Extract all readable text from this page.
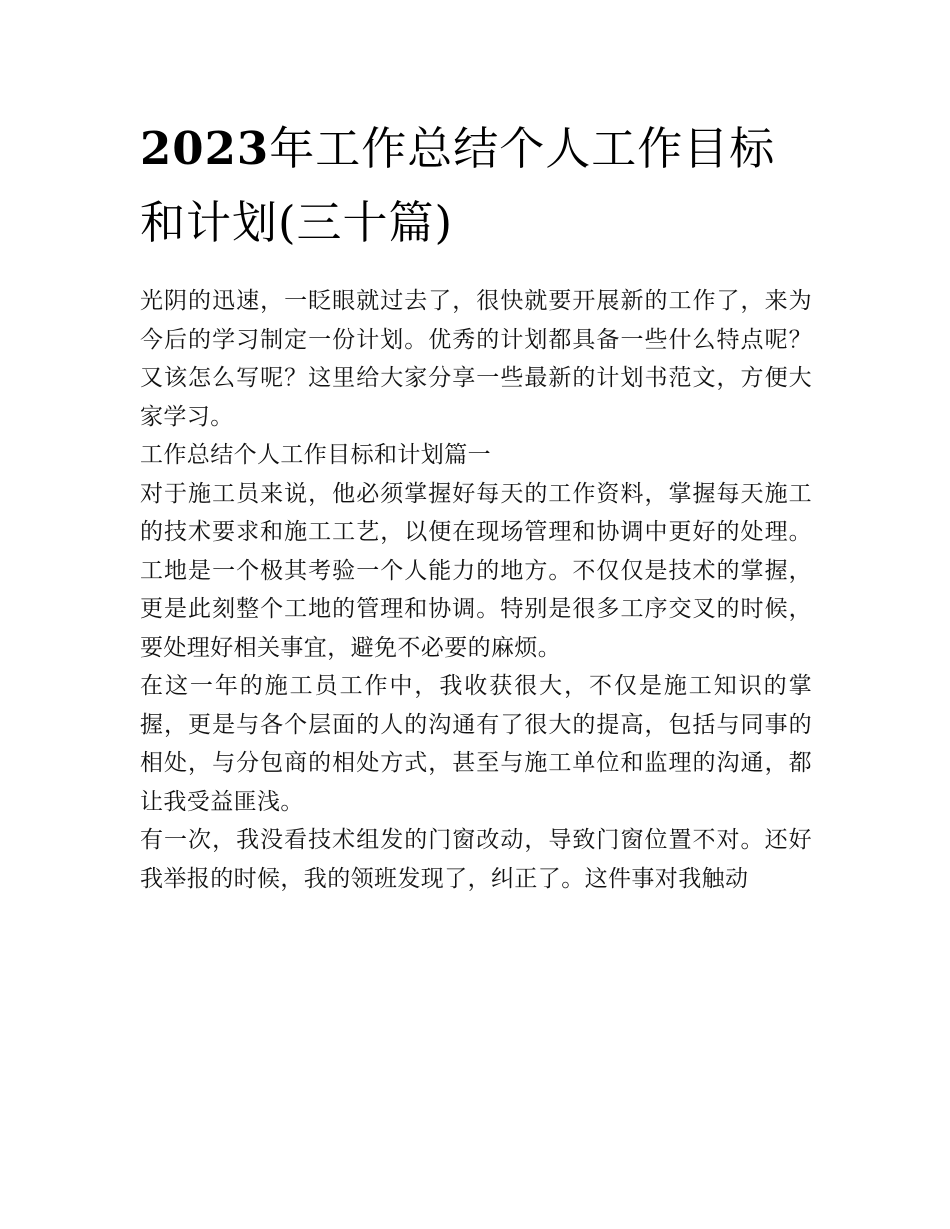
2023年工作总结个人工作目标和计划(三十篇)

光阴的迅速，一眨眼就过去了，很快就要开展新的工作了，来为今后的学习制定一份计划。优秀的计划都具备一些什么特点呢？又该怎么写呢？这里给大家分享一些最新的计划书范文，方便大家学习。

工作总结个人工作目标和计划篇一

对于施工员来说，他必须掌握好每天的工作资料，掌握每天施工的技术要求和施工工艺，以便在现场管理和协调中更好的处理。工地是一个极其考验一个人能力的地方。不仅仅是技术的掌握，更是此刻整个工地的管理和协调。特别是很多工序交叉的时候，要处理好相关事宜，避免不必要的麻烦。

在这一年的施工员工作中，我收获很大，不仅是施工知识的掌握，更是与各个层面的人的沟通有了很大的提高，包括与同事的相处，与分包商的相处方式，甚至与施工单位和监理的沟通，都让我受益匪浅。

有一次，我没看技术组发的门窗改动，导致门窗位置不对。还好我举报的时候，我的领班发现了，纠正了。这件事对我触动
